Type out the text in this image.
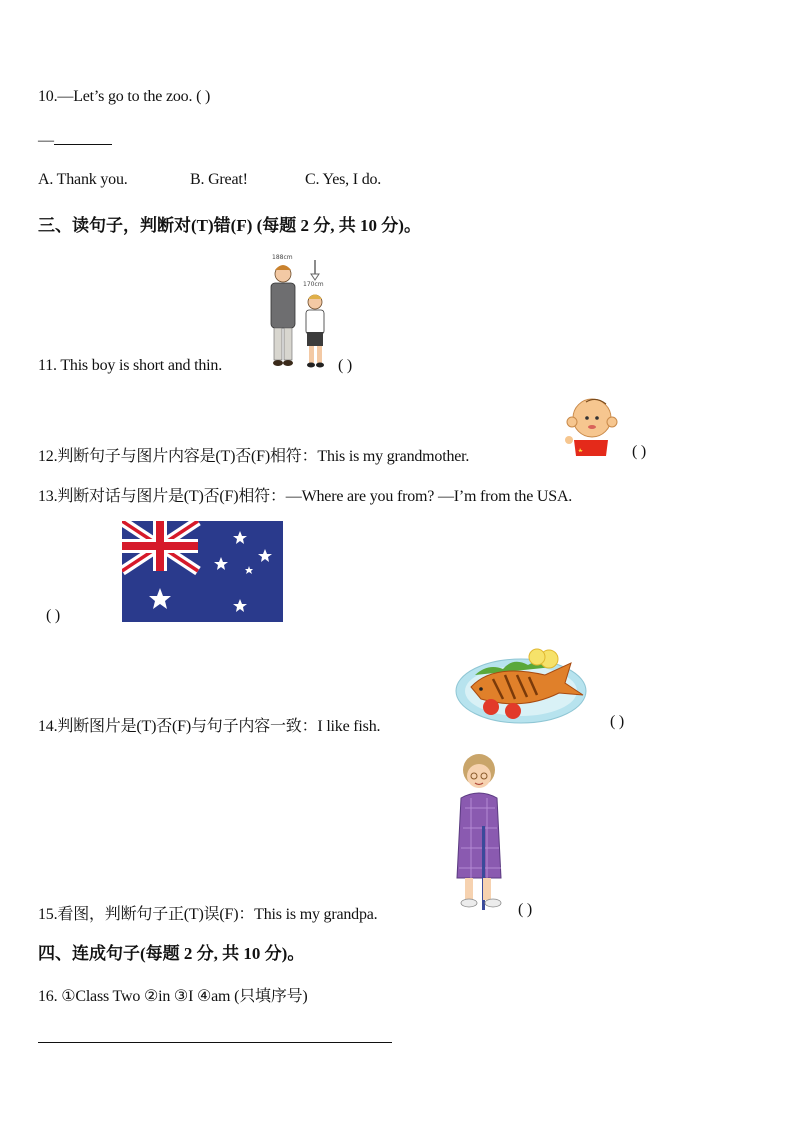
10.—Let’s go to the zoo. ( )
—
A. Thank you.	B. Great!	C. Yes, I do.
三、读句子，判断对(T)错(F) (每题 2 分, 共 10 分)。
11. This boy is short and thin.
188cm
170cm
( )
12.判断句子与图片内容是(T)否(F)相符：This is my grandmother.	( )
13.判断对话与图片是(T)否(F)相符：—Where are you from? —I’m from the USA.
( )
14.判断图片是(T)否(F)与句子内容一致：I like fish.	( )
15.看图，判断句子正(T)误(F)：This is my grandpa.	( )
四、连成句子(每题 2 分, 共 10 分)。
16. ①Class Two ②in ③I ④am (只填序号)
